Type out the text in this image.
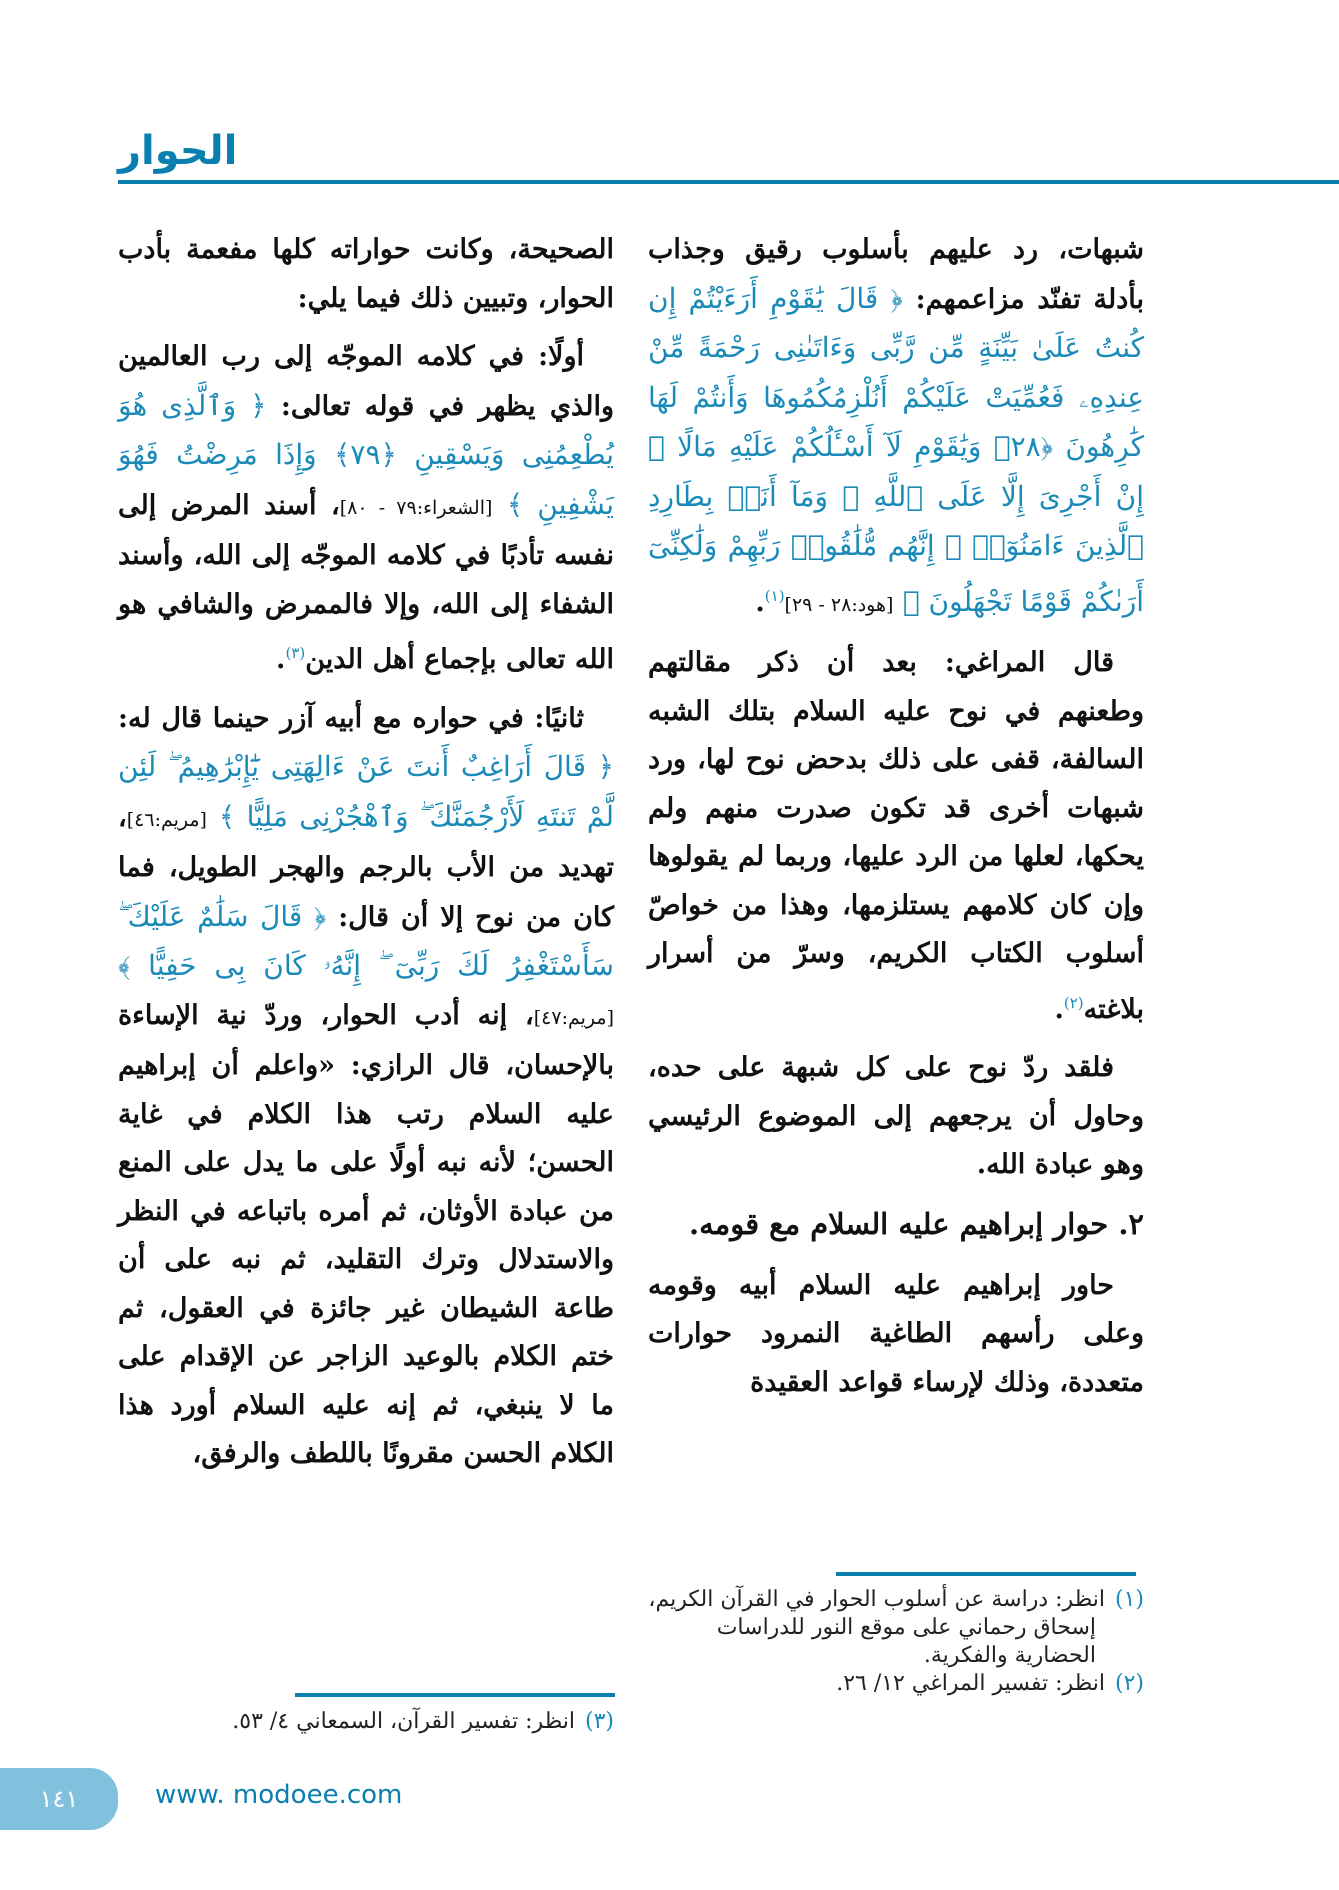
الحوار

شبهات، رد عليهم بأسلوب رقيق وجذاب بأدلة تفنّد مزاعمهم: ﴿ قَالَ يَٰقَوْمِ أَرَءَيْتُمْ إِن كُنتُ عَلَىٰ بَيِّنَةٍ مِّن رَّبِّى وَءَاتَىٰنِى رَحْمَةً مِّنْ عِندِهِۦ فَعُمِّيَتْ عَلَيْكُمْ أَنُلْزِمُكُمُوهَا وَأَنتُمْ لَهَا كَٰرِهُونَ ﴿٢٨﴾ وَيَٰقَوْمِ لَآ أَسْـَٔلُكُمْ عَلَيْهِ مَالًا ۖ إِنْ أَجْرِىَ إِلَّا عَلَى ٱللَّهِ ۚ وَمَآ أَنَا۠ بِطَارِدِ ٱلَّذِينَ ءَامَنُوٓا۟ ۚ إِنَّهُم مُّلَٰقُوا۟ رَبِّهِمْ وَلَٰكِنِّىٓ أَرَىٰكُمْ قَوْمًا تَجْهَلُونَ ﴾ [هود:٢٨ - ٢٩]$^{(١)}$.

قال المراغي: بعد أن ذكر مقالتهم وطعنهم في نوح عليه السلام بتلك الشبه السالفة، قفى على ذلك بدحض نوح لها، ورد شبهات أخرى قد تكون صدرت منهم ولم يحكها، لعلها من الرد عليها، وربما لم يقولوها وإن كان كلامهم يستلزمها، وهذا من خواصّ أسلوب الكتاب الكريم، وسرّ من أسرار بلاغته$^{(٢)}$.

فلقد ردّ نوح على كل شبهة على حده، وحاول أن يرجعهم إلى الموضوع الرئيسي وهو عبادة الله.

٢. حوار إبراهيم عليه السلام مع قومه.

حاور إبراهيم عليه السلام أبيه وقومه وعلى رأسهم الطاغية النمرود حوارات متعددة، وذلك لإرساء قواعد العقيدة

(١)انظر: دراسة عن أسلوب الحوار في القرآن الكريم، إسحاق رحماني على موقع النور للدراسات الحضارية والفكرية.
(٢)انظر: تفسير المراغي ١٢/ ٢٦.

الصحيحة، وكانت حواراته كلها مفعمة بأدب الحوار، وتبيين ذلك فيما يلي:

أولًا: في كلامه الموجّه إلى رب العالمين والذي يظهر في قوله تعالى: ﴿ وَٱلَّذِى هُوَ يُطْعِمُنِى وَيَسْقِينِ ﴿٧٩﴾ وَإِذَا مَرِضْتُ فَهُوَ يَشْفِينِ ﴾ [الشعراء:٧٩ - ٨٠]، أسند المرض إلى نفسه تأدبًا في كلامه الموجّه إلى الله، وأسند الشفاء إلى الله، وإلا فالممرض والشافي هو الله تعالى بإجماع أهل الدين$^{(٣)}$.

ثانيًا: في حواره مع أبيه آزر حينما قال له: ﴿ قَالَ أَرَاغِبٌ أَنتَ عَنْ ءَالِهَتِى يَٰٓإِبْرَٰهِيمُ ۖ لَئِن لَّمْ تَنتَهِ لَأَرْجُمَنَّكَ ۖ وَٱهْجُرْنِى مَلِيًّا ﴾ [مريم:٤٦]، تهديد من الأب بالرجم والهجر الطويل، فما كان من نوح إلا أن قال: ﴿ قَالَ سَلَٰمٌ عَلَيْكَ ۖ سَأَسْتَغْفِرُ لَكَ رَبِّىٓ ۖ إِنَّهُۥ كَانَ بِى حَفِيًّا ﴾ [مريم:٤٧]، إنه أدب الحوار، وردّ نية الإساءة بالإحسان، قال الرازي: «واعلم أن إبراهيم عليه السلام رتب هذا الكلام في غاية الحسن؛ لأنه نبه أولًا على ما يدل على المنع من عبادة الأوثان، ثم أمره باتباعه في النظر والاستدلال وترك التقليد، ثم نبه على أن طاعة الشيطان غير جائزة في العقول، ثم ختم الكلام بالوعيد الزاجر عن الإقدام على ما لا ينبغي، ثم إنه عليه السلام أورد هذا الكلام الحسن مقرونًا باللطف والرفق،

(٣)انظر: تفسير القرآن، السمعاني ٤/ ٥٣.
١٤١	www. modoee.com
